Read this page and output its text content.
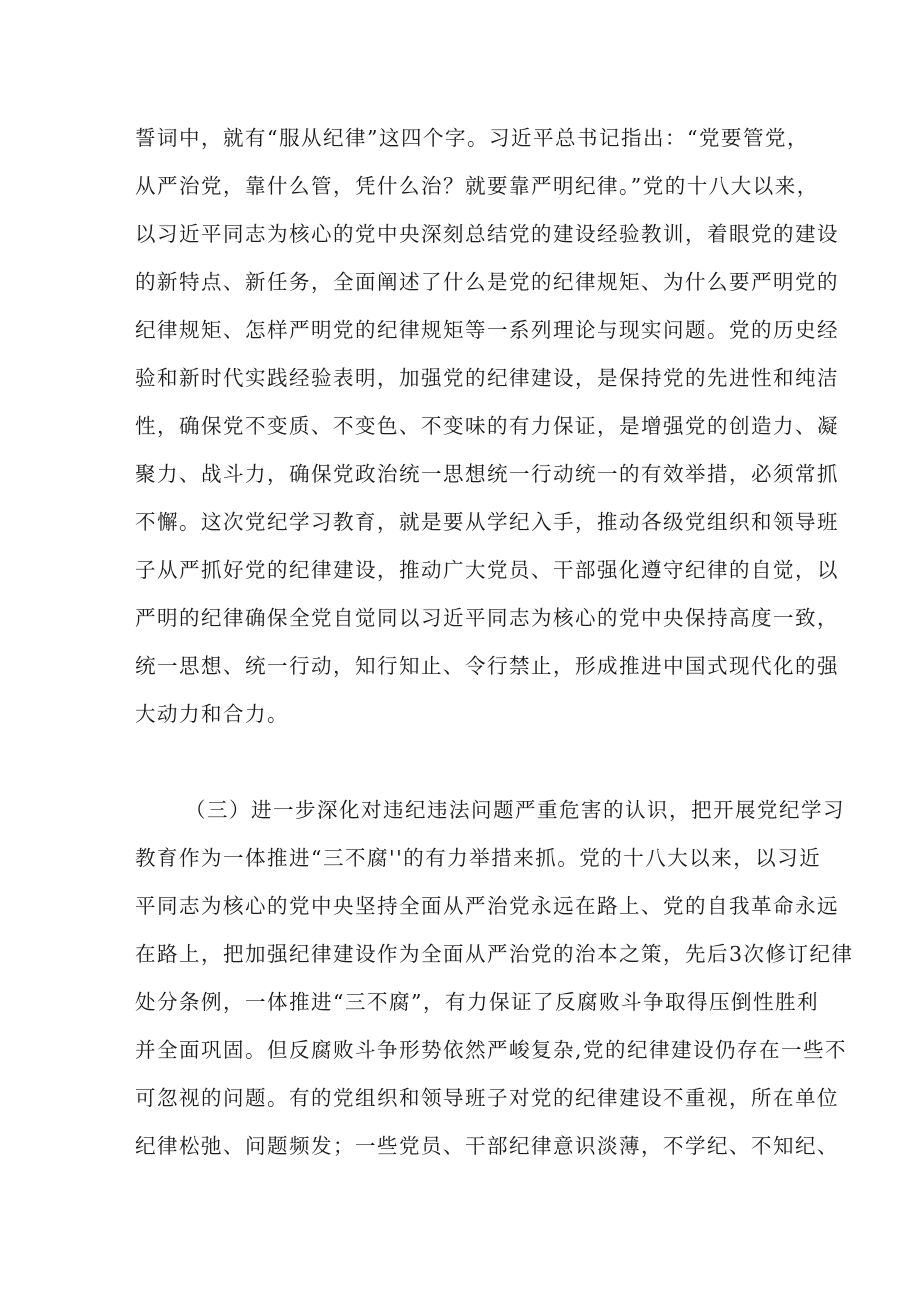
誓词中，就有“服从纪律”这四个字。习近平总书记指出：“党要管党，
从严治党，靠什么管，凭什么治？就要靠严明纪律。”党的十八大以来，
以习近平同志为核心的党中央深刻总结党的建设经验教训，着眼党的建设
的新特点、新任务，全面阐述了什么是党的纪律规矩、为什么要严明党的
纪律规矩、怎样严明党的纪律规矩等一系列理论与现实问题。党的历史经
验和新时代实践经验表明，加强党的纪律建设，是保持党的先进性和纯洁
性，确保党不变质、不变色、不变味的有力保证，是增强党的创造力、凝
聚力、战斗力，确保党政治统一思想统一行动统一的有效举措，必须常抓
不懈。这次党纪学习教育，就是要从学纪入手，推动各级党组织和领导班
子从严抓好党的纪律建设，推动广大党员、干部强化遵守纪律的自觉，以
严明的纪律确保全党自觉同以习近平同志为核心的党中央保持高度一致，
统一思想、统一行动，知行知止、令行禁止，形成推进中国式现代化的强
大动力和合力。
（三）进一步深化对违纪违法问题严重危害的认识，把开展党纪学习
教育作为一体推进“三不腐''的有力举措来抓。党的十八大以来，以习近
平同志为核心的党中央坚持全面从严治党永远在路上、党的自我革命永远
在路上，把加强纪律建设作为全面从严治党的治本之策，先后3次修订纪律
处分条例，一体推进“三不腐”，有力保证了反腐败斗争取得压倒性胜利
并全面巩固。但反腐败斗争形势依然严峻复杂,党的纪律建设仍存在一些不
可忽视的问题。有的党组织和领导班子对党的纪律建设不重视，所在单位
纪律松弛、问题频发；一些党员、干部纪律意识淡薄，不学纪、不知纪、
